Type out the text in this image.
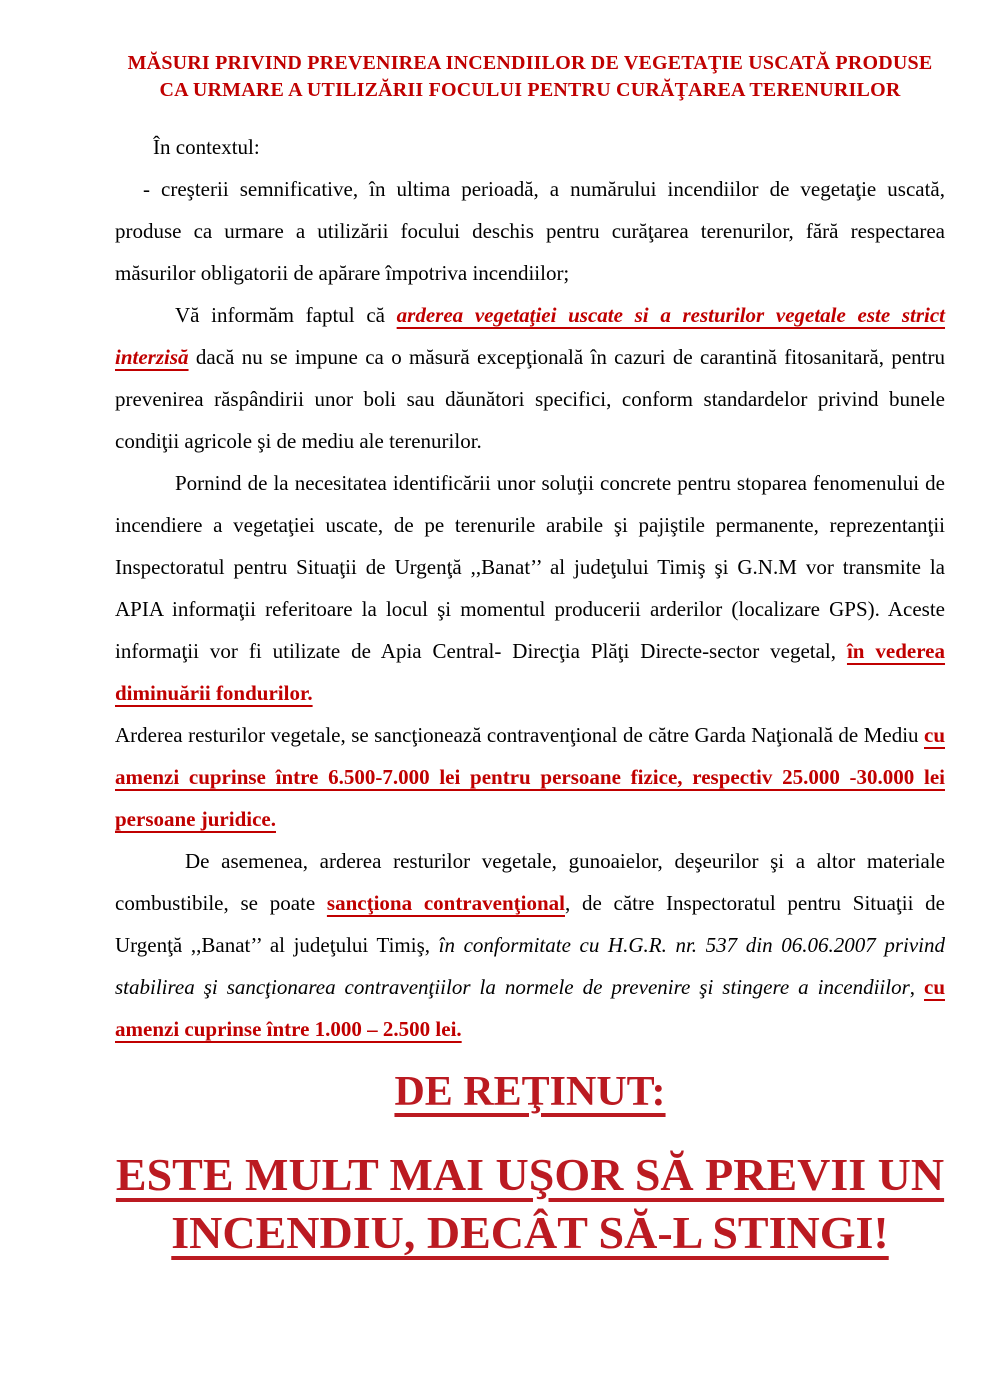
MĂSURI PRIVIND PREVENIREA INCENDIILOR DE VEGETAŢIE USCATĂ PRODUSE
CA URMARE A UTILIZĂRII FOCULUI PENTRU CURĂŢAREA TERENURILOR

În contextul:

- creşterii semnificative, în ultima perioadă, a numărului incendiilor de vegetaţie uscată, produse ca urmare a utilizării focului deschis pentru curăţarea terenurilor, fără respectarea măsurilor obligatorii de apărare împotriva incendiilor;

Vă informăm faptul că arderea vegetaţiei uscate si a resturilor vegetale este strict interzisă dacă nu se impune ca o măsură excepţională în cazuri de carantină fitosanitară, pentru prevenirea răspândirii unor boli sau dăunători specifici, conform standardelor privind bunele condiţii agricole şi de mediu ale terenurilor.

Pornind de la necesitatea identificării unor soluţii concrete pentru stoparea fenomenului de incendiere a vegetaţiei uscate, de pe terenurile arabile şi pajiştile permanente, reprezentanţii Inspectoratul pentru Situaţii de Urgenţă ,,Banat’’ al judeţului Timiş şi G.N.M vor transmite la APIA informaţii referitoare la locul şi momentul producerii arderilor (localizare GPS). Aceste informaţii vor fi utilizate de Apia Central- Direcţia Plăţi Directe-sector vegetal, în vederea diminuării fondurilor.

Arderea resturilor vegetale, se sancţionează contravenţional de către Garda Naţională de Mediu cu amenzi cuprinse între 6.500-7.000 lei pentru persoane fizice, respectiv 25.000 -30.000 lei persoane juridice.

De asemenea, arderea resturilor vegetale, gunoaielor, deşeurilor şi a altor materiale combustibile, se poate sancţiona contravenţional, de către Inspectoratul pentru Situaţii de Urgenţă ,,Banat’’ al judeţului Timiş, în conformitate cu H.G.R. nr. 537 din 06.06.2007 privind stabilirea şi sancţionarea contravenţiilor la normele de prevenire şi stingere a incendiilor, cu amenzi cuprinse între 1.000 – 2.500 lei.

DE REŢINUT:
ESTE MULT MAI UŞOR SĂ PREVII UN
INCENDIU, DECÂT SĂ-L STINGI!
